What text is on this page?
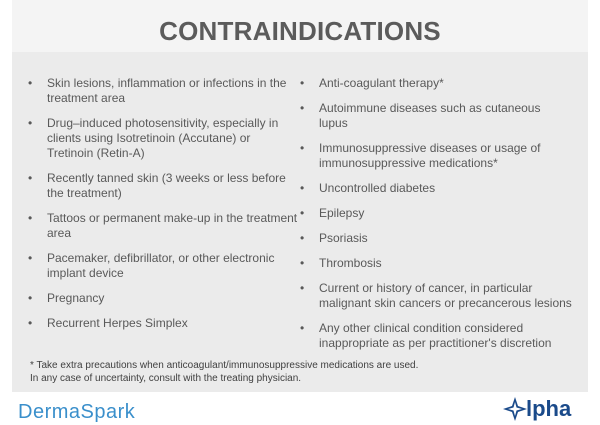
CONTRAINDICATIONS
• Skin lesions, inflammation or infections in the treatment area
• Drug–induced photosensitivity, especially in clients using Isotretinoin (Accutane) or Tretinoin (Retin-A)
• Recently tanned skin (3 weeks or less before the treatment)
• Tattoos or permanent make-up in the treatment area
• Pacemaker, defibrillator, or other electronic implant device
• Pregnancy
• Recurrent Herpes Simplex
• Anti-coagulant therapy*
• Autoimmune diseases such as cutaneous lupus
• Immunosuppressive diseases or usage of immunosuppressive medications*
• Uncontrolled diabetes
• Epilepsy
• Psoriasis
• Thrombosis
• Current or history of cancer, in particular malignant skin cancers or precancerous lesions
• Any other clinical condition considered inappropriate as per practitioner's discretion
* Take extra precautions when anticoagulant/immunosuppressive medications are used.
In any case of uncertainty, consult with the treating physician.
DermaSpark	lpha
